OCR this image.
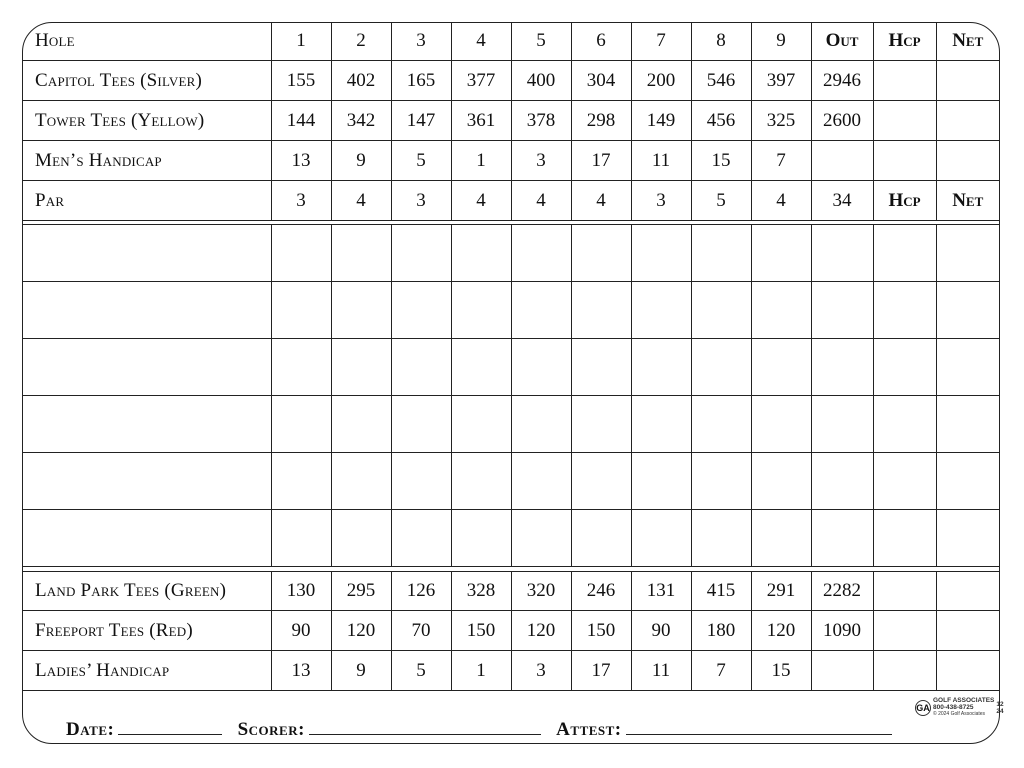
Hole	1	2	3	4	5	6	7	8	9	Out	Hcp	Net
Capitol Tees (Silver)	155	402	165	377	400	304	200	546	397	2946		
Tower Tees (Yellow)	144	342	147	361	378	298	149	456	325	2600		
Men’s Handicap	13	9	5	1	3	17	11	15	7			
Par	3	4	3	4	4	4	3	5	4	34	Hcp	Net

Land Park Tees (Green)	130	295	126	328	320	246	131	415	291	2282		
Freeport Tees (Red)	90	120	70	150	120	150	90	180	120	1090		
Ladies’ Handicap	13	9	5	1	3	17	11	7	15			
Date:	Scorer:	Attest:
GA
GOLF ASSOCIATES
800-438-8725
© 2024 Golf Associates
12
24
